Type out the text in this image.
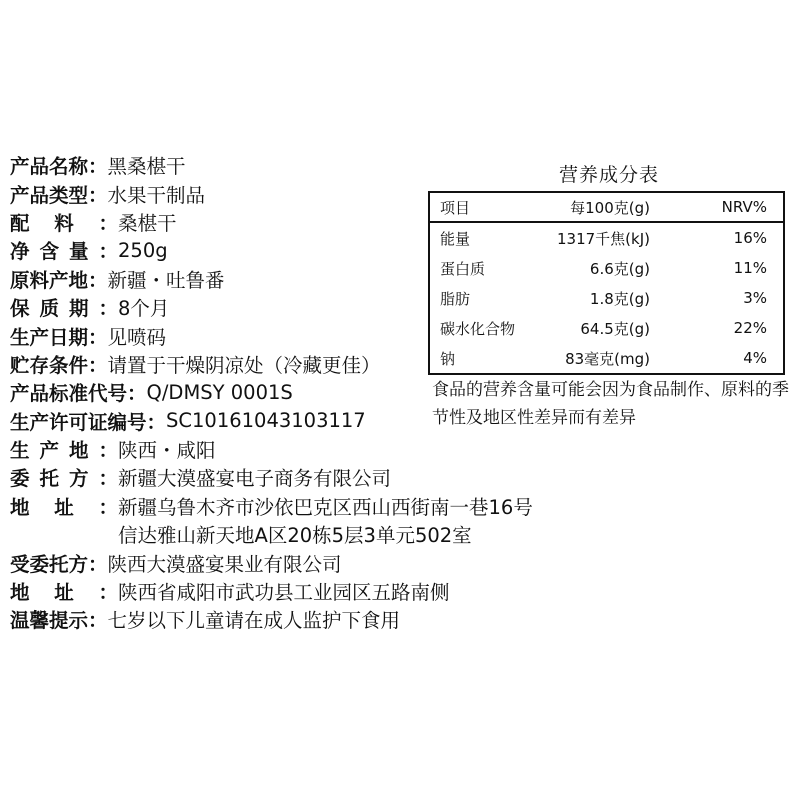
产品名称： 黑桑椹干
产品类型： 水果干制品
配 料 ： 桑椹干
净 含 量 ： 250g
原料产地： 新疆・吐鲁番
保 质 期 ： 8个月
生产日期： 见喷码
贮存条件： 请置于干燥阴凉处（冷藏更佳）
产品标准代号： Q/DMSY 0001S
生产许可证编号： SC10161043103117
生 产 地 ： 陕西・咸阳
委 托 方 ： 新疆大漠盛宴电子商务有限公司
地 址 ： 新疆乌鲁木齐市沙依巴克区西山西街南一巷16号
信达雅山新天地A区20栋5层3单元502室
受委托方： 陕西大漠盛宴果业有限公司
地 址 ： 陕西省咸阳市武功县工业园区五路南侧
温馨提示： 七岁以下儿童请在成人监护下食用
营养成分表
项目	每100克(g)	NRV%
能量	1317千焦(kJ)	16%
蛋白质	6.6克(g)	11%
脂肪	1.8克(g)	3%
碳水化合物	64.5克(g)	22%
钠	83毫克(mg)	4%
食品的营养含量可能会因为食品制作、原料的季节性及地区性差异而有差异
